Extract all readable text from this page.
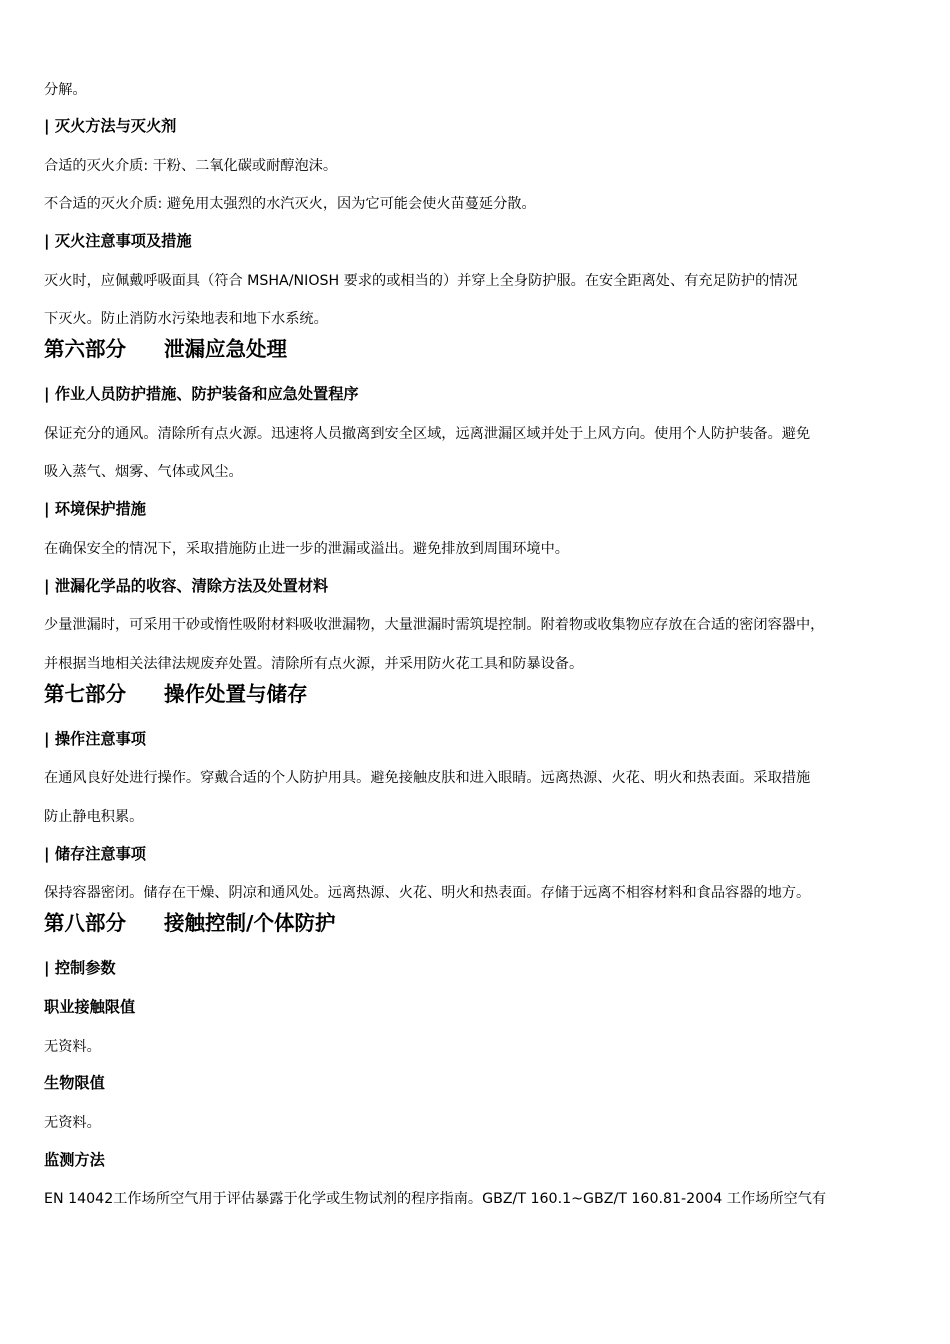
分解。
| 灭火方法与灭火剂
合适的灭火介质: 干粉、二氧化碳或耐醇泡沫。
不合适的灭火介质: 避免用太强烈的水汽灭火，因为它可能会使火苗蔓延分散。
| 灭火注意事项及措施
灭火时，应佩戴呼吸面具（符合 MSHA/NIOSH 要求的或相当的）并穿上全身防护服。在安全距离处、有充足防护的情况
下灭火。防止消防水污染地表和地下水系统。
第六部分 泄漏应急处理
| 作业人员防护措施、防护装备和应急处置程序
保证充分的通风。清除所有点火源。迅速将人员撤离到安全区域，远离泄漏区域并处于上风方向。使用个人防护装备。避免
吸入蒸气、烟雾、气体或风尘。
| 环境保护措施
在确保安全的情况下，采取措施防止进一步的泄漏或溢出。避免排放到周围环境中。
| 泄漏化学品的收容、清除方法及处置材料
少量泄漏时，可采用干砂或惰性吸附材料吸收泄漏物，大量泄漏时需筑堤控制。附着物或收集物应存放在合适的密闭容器中，
并根据当地相关法律法规废弃处置。清除所有点火源，并采用防火花工具和防暴设备。
第七部分 操作处置与储存
| 操作注意事项
在通风良好处进行操作。穿戴合适的个人防护用具。避免接触皮肤和进入眼睛。远离热源、火花、明火和热表面。采取措施
防止静电积累。
| 储存注意事项
保持容器密闭。储存在干燥、阴凉和通风处。远离热源、火花、明火和热表面。存储于远离不相容材料和食品容器的地方。
第八部分 接触控制/个体防护
| 控制参数
职业接触限值
无资料。
生物限值
无资料。
监测方法
EN 14042工作场所空气用于评估暴露于化学或生物试剂的程序指南。GBZ/T 160.1~GBZ/T 160.81-2004 工作场所空气有
